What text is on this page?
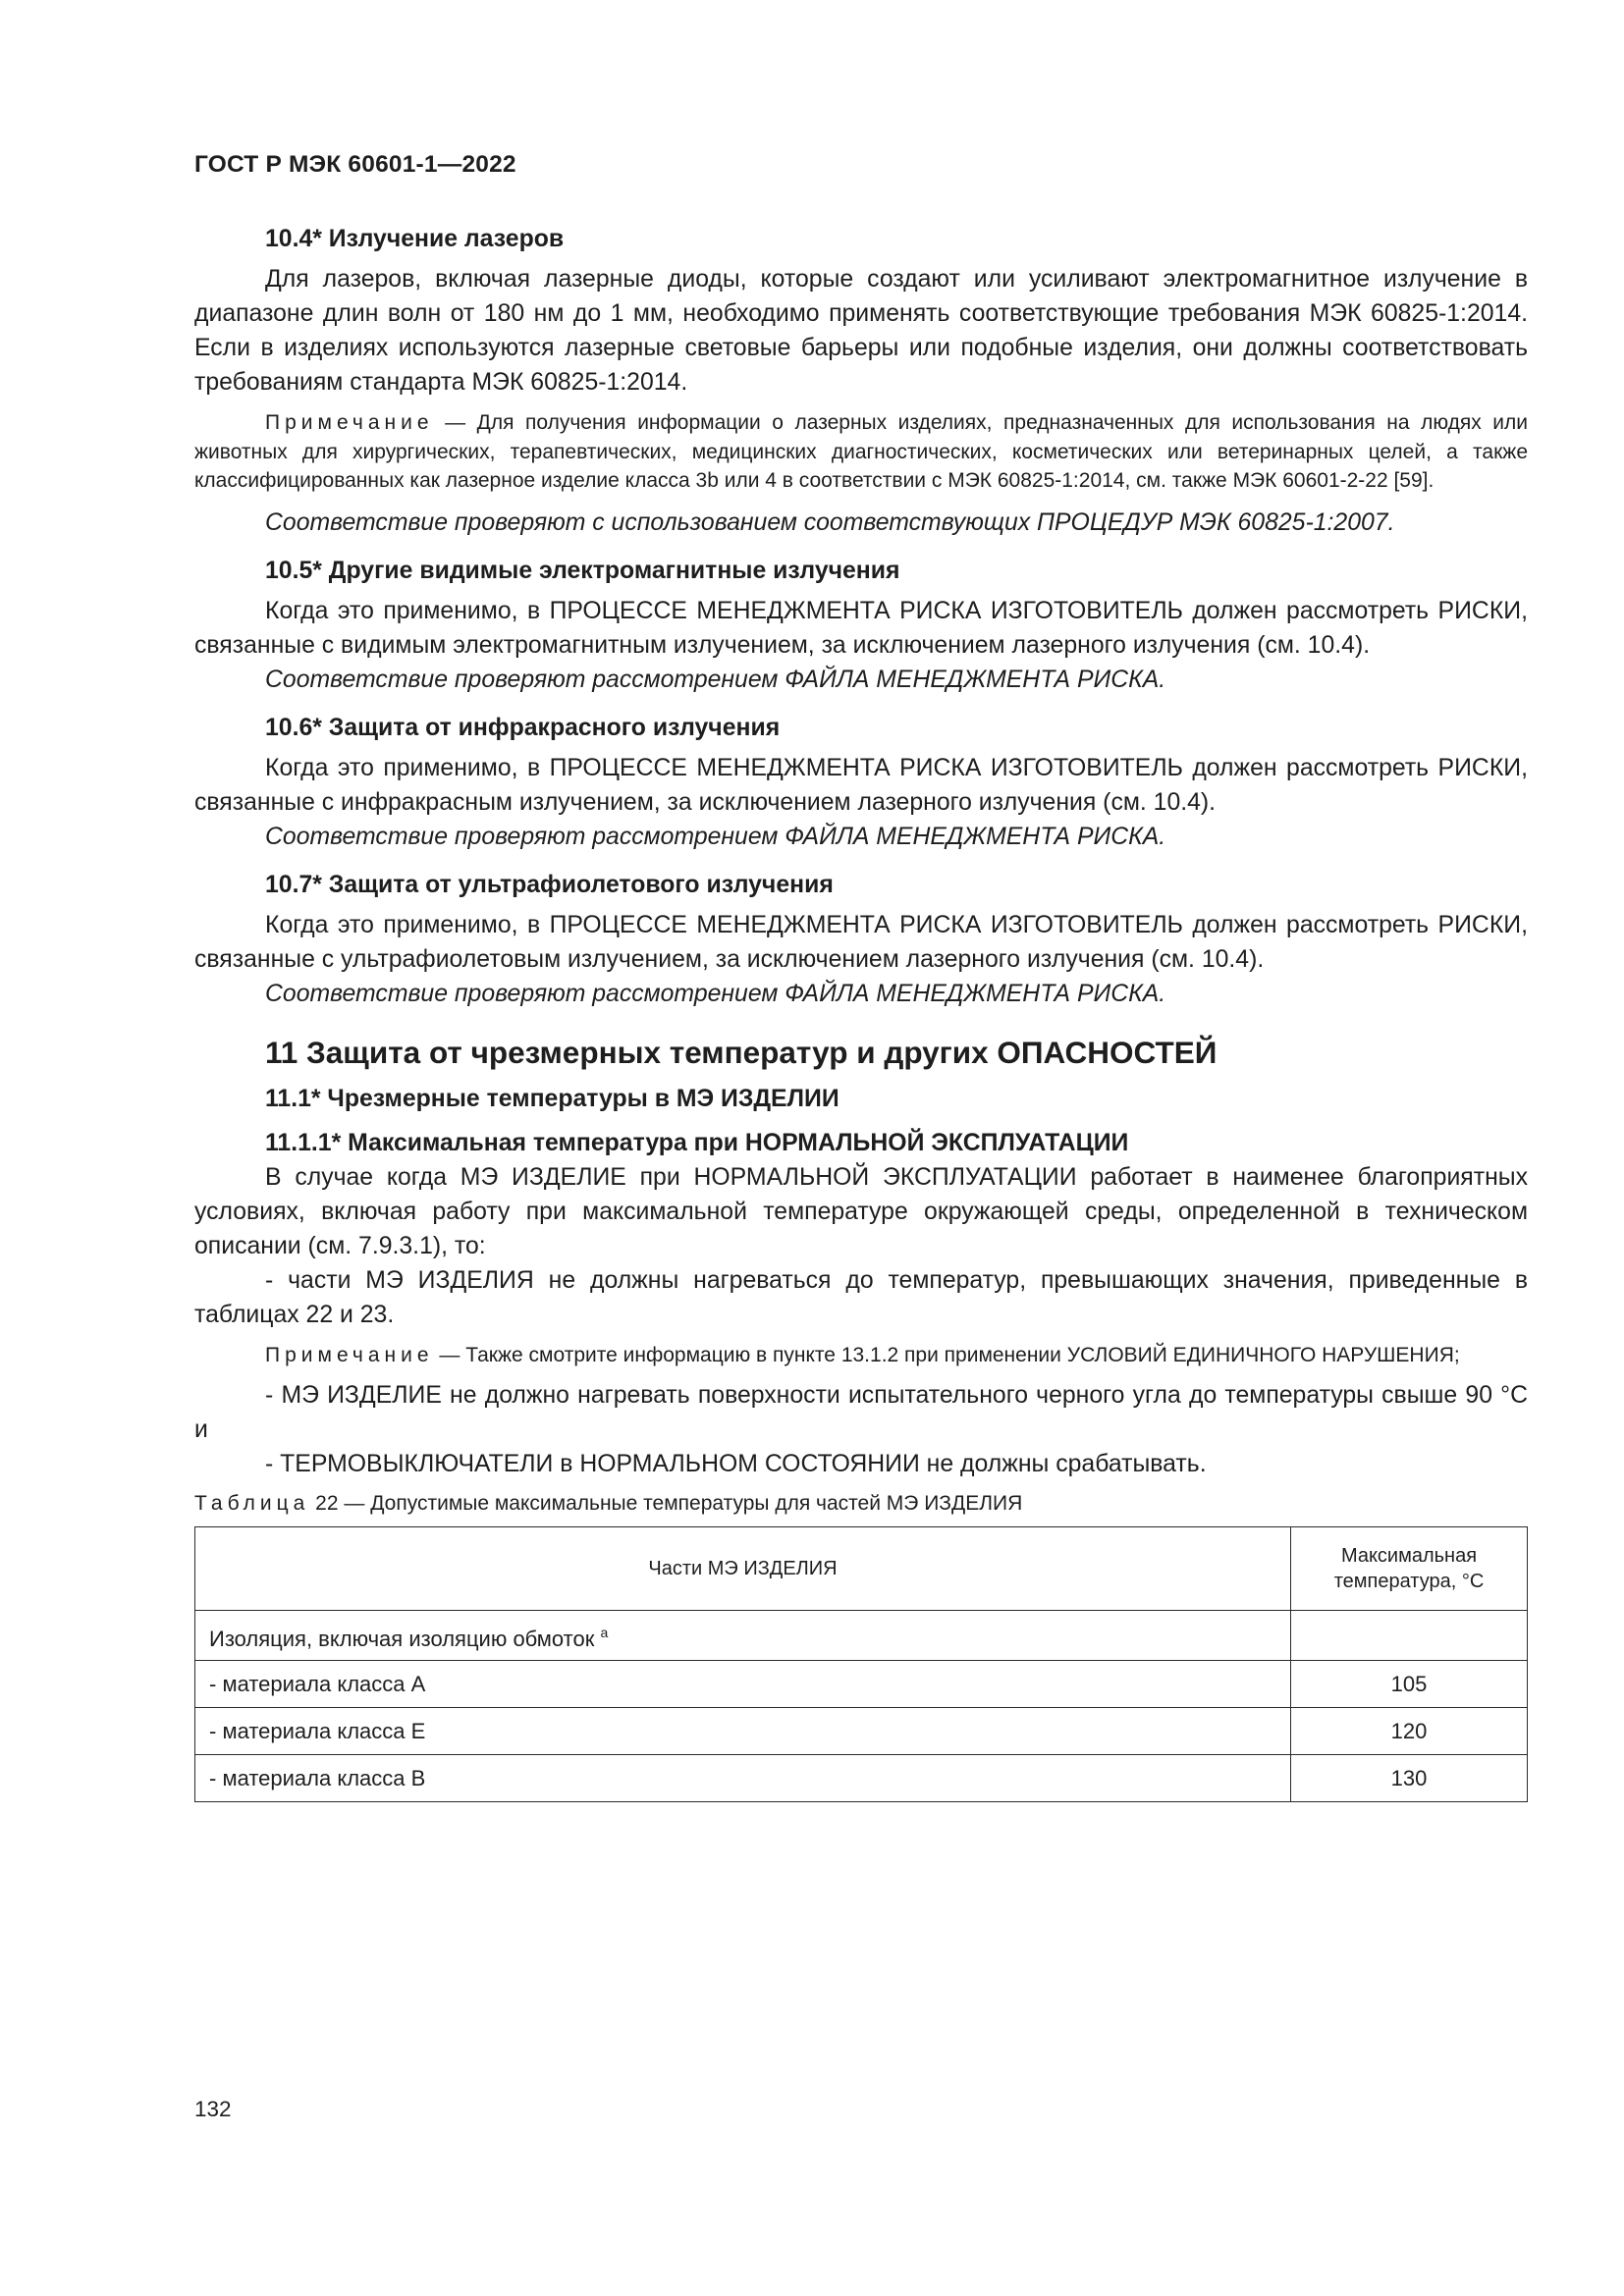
ГОСТ Р МЭК 60601-1—2022
10.4* Излучение лазеров

Для лазеров, включая лазерные диоды, которые создают или усиливают электромагнитное излучение в диапазоне длин волн от 180 нм до 1 мм, необходимо применять соответствующие требования МЭК 60825-1:2014. Если в изделиях используются лазерные световые барьеры или подобные изделия, они должны соответствовать требованиям стандарта МЭК 60825-1:2014.

Примечание — Для получения информации о лазерных изделиях, предназначенных для использования на людях или животных для хирургических, терапевтических, медицинских диагностических, косметических или ветеринарных целей, а также классифицированных как лазерное изделие класса 3b или 4 в соответствии с МЭК 60825-1:2014, см. также МЭК 60601-2-22 [59].

Соответствие проверяют с использованием соответствующих ПРОЦЕДУР МЭК 60825-1:2007.

10.5* Другие видимые электромагнитные излучения

Когда это применимо, в ПРОЦЕССЕ МЕНЕДЖМЕНТА РИСКА ИЗГОТОВИТЕЛЬ должен рассмотреть РИСКИ, связанные с видимым электромагнитным излучением, за исключением лазерного излучения (см. 10.4).

Соответствие проверяют рассмотрением ФАЙЛА МЕНЕДЖМЕНТА РИСКА.

10.6* Защита от инфракрасного излучения

Когда это применимо, в ПРОЦЕССЕ МЕНЕДЖМЕНТА РИСКА ИЗГОТОВИТЕЛЬ должен рассмотреть РИСКИ, связанные с инфракрасным излучением, за исключением лазерного излучения (см. 10.4).

Соответствие проверяют рассмотрением ФАЙЛА МЕНЕДЖМЕНТА РИСКА.

10.7* Защита от ультрафиолетового излучения

Когда это применимо, в ПРОЦЕССЕ МЕНЕДЖМЕНТА РИСКА ИЗГОТОВИТЕЛЬ должен рассмотреть РИСКИ, связанные с ультрафиолетовым излучением, за исключением лазерного излучения (см. 10.4).

Соответствие проверяют рассмотрением ФАЙЛА МЕНЕДЖМЕНТА РИСКА.

11 Защита от чрезмерных температур и других ОПАСНОСТЕЙ
11.1* Чрезмерные температуры в МЭ ИЗДЕЛИИ
11.1.1* Максимальная температура при НОРМАЛЬНОЙ ЭКСПЛУАТАЦИИ

В случае когда МЭ ИЗДЕЛИЕ при НОРМАЛЬНОЙ ЭКСПЛУАТАЦИИ работает в наименее благоприятных условиях, включая работу при максимальной температуре окружающей среды, определенной в техническом описании (см. 7.9.3.1), то:

- части МЭ ИЗДЕЛИЯ не должны нагреваться до температур, превышающих значения, приведенные в таблицах 22 и 23.

Примечание — Также смотрите информацию в пункте 13.1.2 при применении УСЛОВИЙ ЕДИНИЧНОГО НАРУШЕНИЯ;

- МЭ ИЗДЕЛИЕ не должно нагревать поверхности испытательного черного угла до температуры свыше 90 °С и

- ТЕРМОВЫКЛЮЧАТЕЛИ в НОРМАЛЬНОМ СОСТОЯНИИ не должны срабатывать.

Таблица 22 — Допустимые максимальные температуры для частей МЭ ИЗДЕЛИЯ
Части МЭ ИЗДЕЛИЯ	Максимальная
температура, °С
Изоляция, включая изоляцию обмоток $^a$	
- материала класса А	105
- материала класса Е	120
- материала класса В	130
132
